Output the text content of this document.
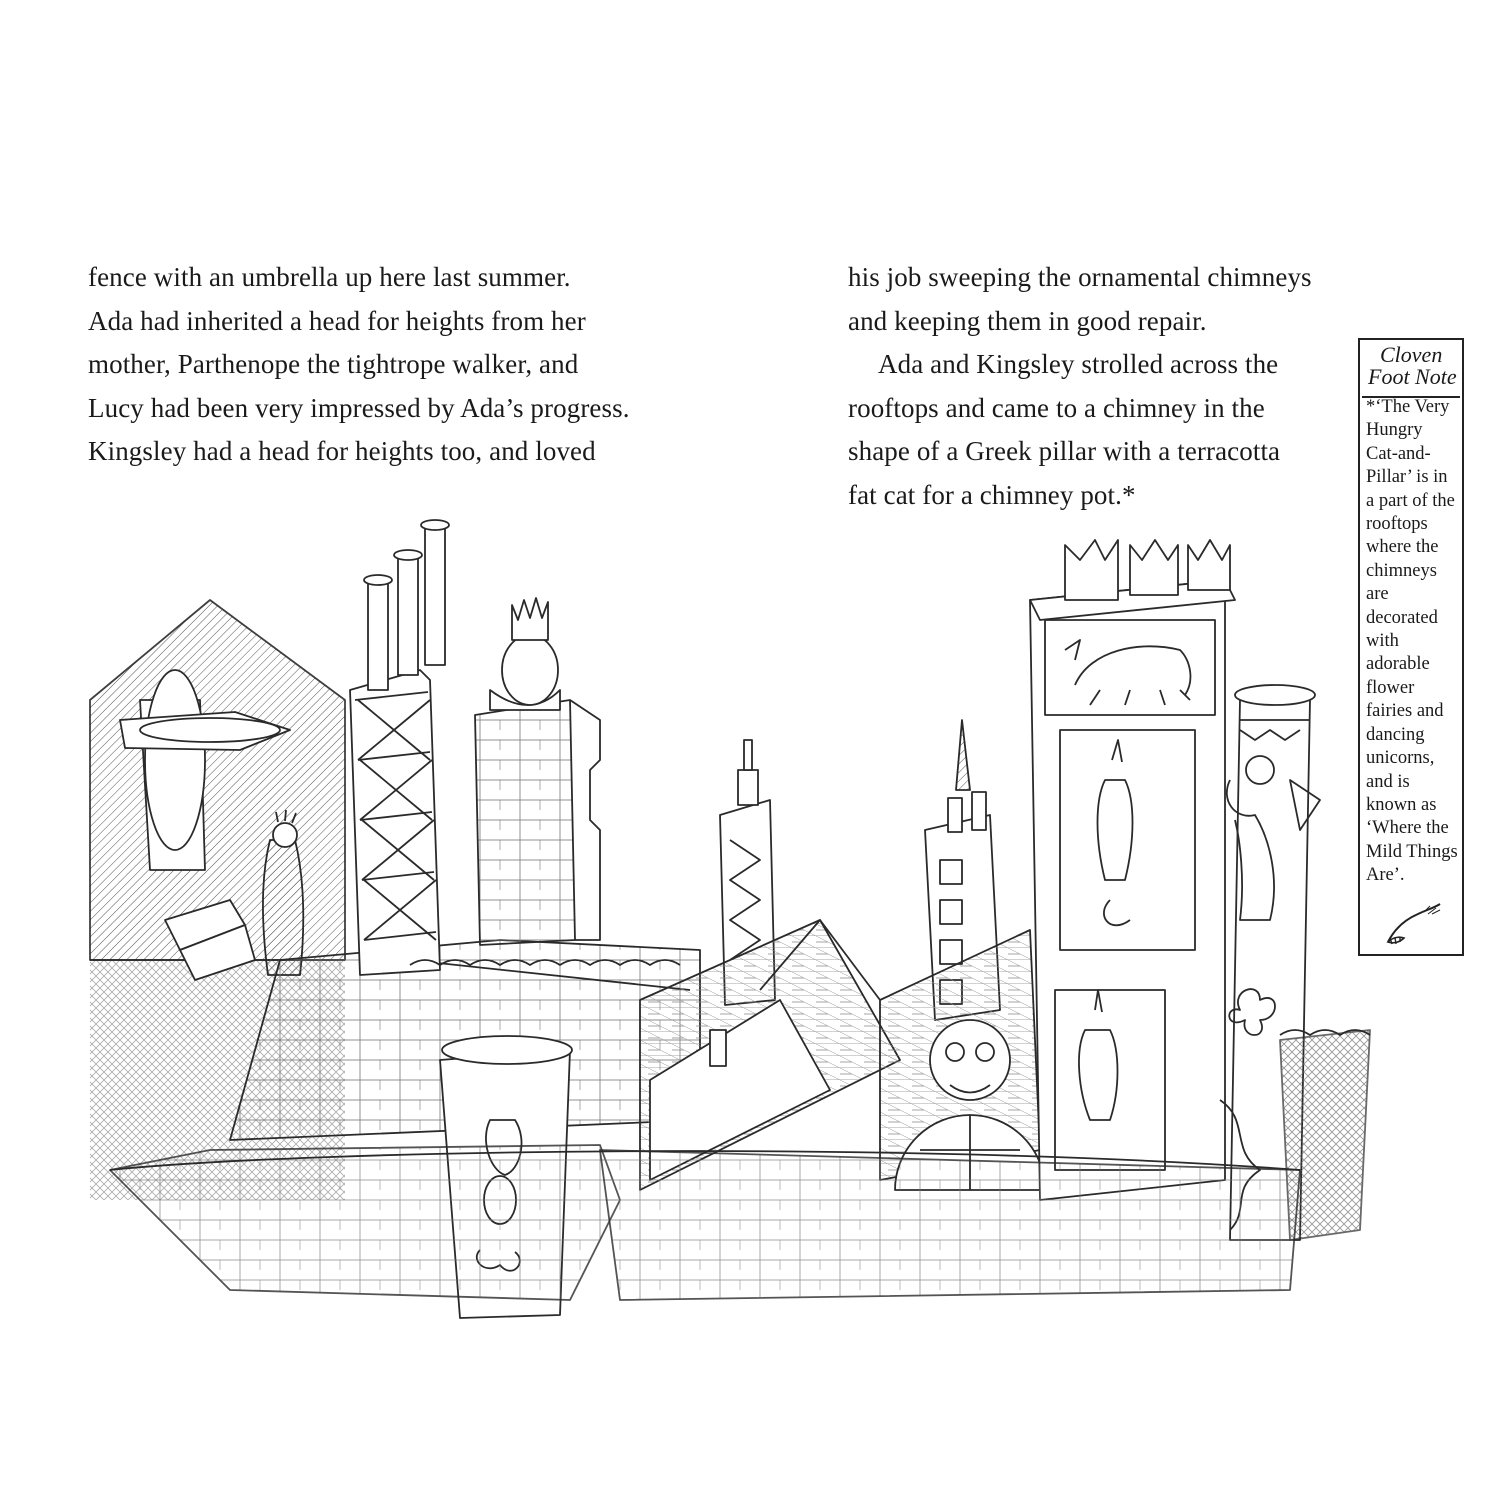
fence with an umbrella up here last summer.
Ada had inherited a head for heights from her
mother, Parthenope the tightrope walker, and
Lucy had been very impressed by Ada’s progress.
Kingsley had a head for heights too, and loved
his job sweeping the ornamental chimneys
and keeping them in good repair.
Ada and Kingsley strolled across the
rooftops and came to a chimney in the
shape of a Greek pillar with a terracotta
fat cat for a chimney pot.*
Cloven
Foot Note
*‘The Very
Hungry
Cat-and-
Pillar’ is in
a part of the
rooftops
where the
chimneys
are
decorated
with
adorable
flower
fairies and
dancing
unicorns,
and is
known as
‘Where the
Mild Things
Are’.
